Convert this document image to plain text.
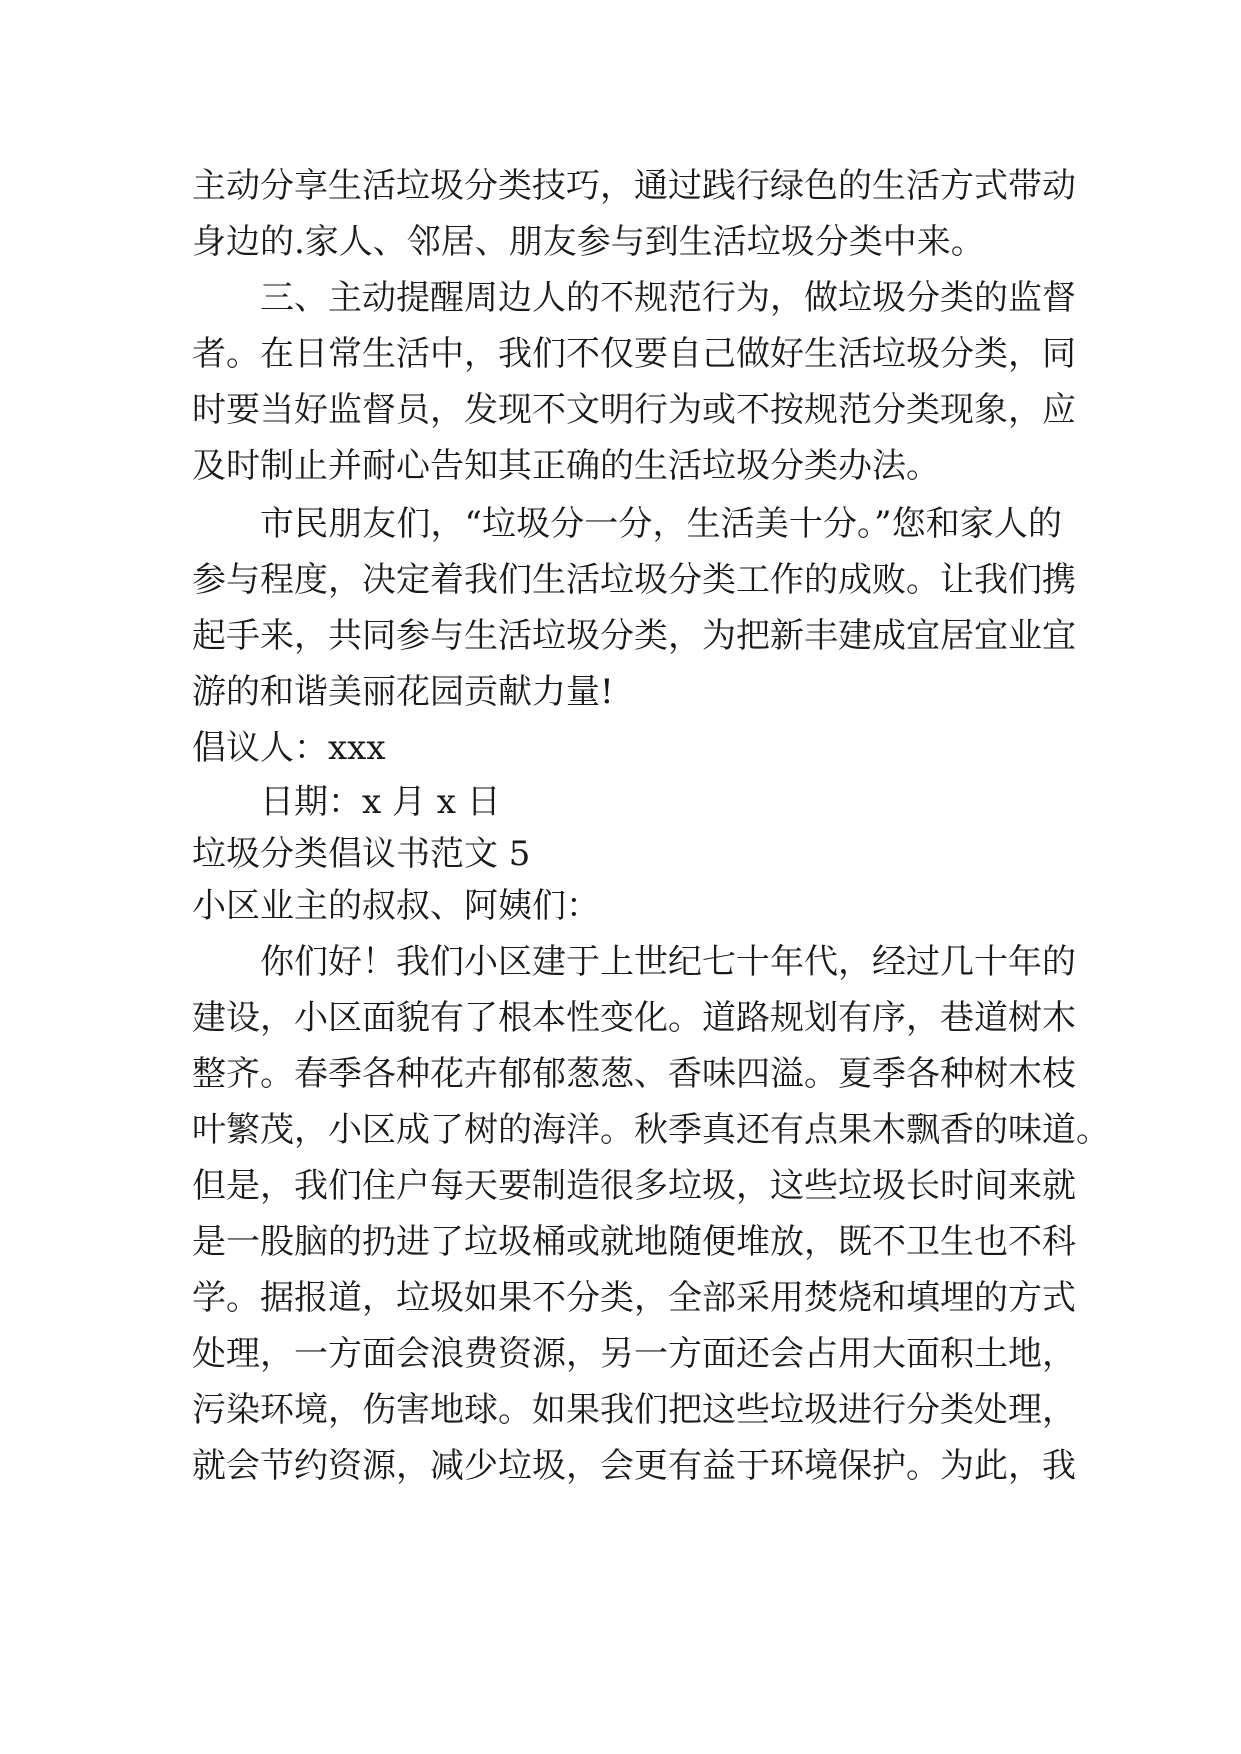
主动分享生活垃圾分类技巧，通过践行绿色的生活方式带动
身边的.家人、邻居、朋友参与到生活垃圾分类中来。
三、主动提醒周边人的不规范行为，做垃圾分类的监督
者。在日常生活中，我们不仅要自己做好生活垃圾分类，同
时要当好监督员，发现不文明行为或不按规范分类现象，应
及时制止并耐心告知其正确的生活垃圾分类办法。
市民朋友们，“垃圾分一分，生活美十分。”您和家人的
参与程度，决定着我们生活垃圾分类工作的成败。让我们携
起手来，共同参与生活垃圾分类，为把新丰建成宜居宜业宜
游的和谐美丽花园贡献力量!
倡议人：xxx
日期：x 月 x 日
垃圾分类倡议书范文 5
小区业主的叔叔、阿姨们：
你们好！我们小区建于上世纪七十年代，经过几十年的
建设，小区面貌有了根本性变化。道路规划有序，巷道树木
整齐。春季各种花卉郁郁葱葱、香味四溢。夏季各种树木枝
叶繁茂，小区成了树的海洋。秋季真还有点果木飘香的味道。
但是，我们住户每天要制造很多垃圾，这些垃圾长时间来就
是一股脑的扔进了垃圾桶或就地随便堆放，既不卫生也不科
学。据报道，垃圾如果不分类，全部采用焚烧和填埋的方式
处理，一方面会浪费资源，另一方面还会占用大面积土地，
污染环境，伤害地球。如果我们把这些垃圾进行分类处理，
就会节约资源，减少垃圾，会更有益于环境保护。为此，我
